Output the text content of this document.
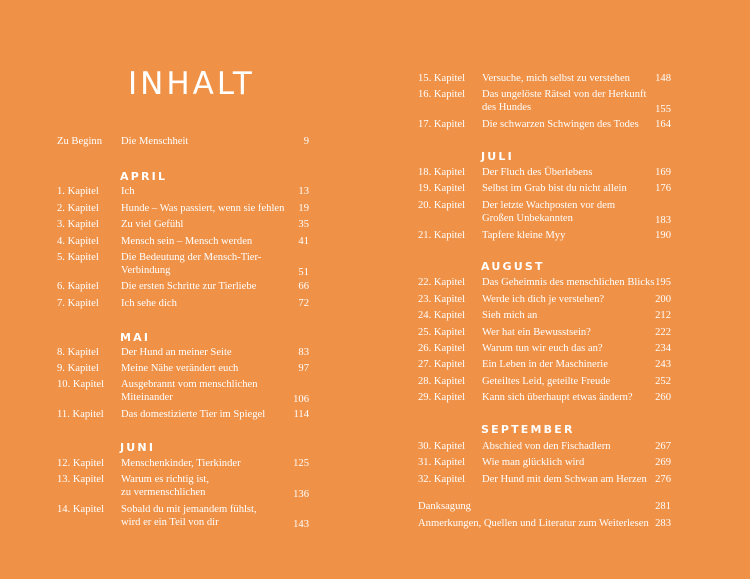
INHALT
Zu Beginn Die Menschheit	9
APRIL
1. Kapitel Ich	13
2. Kapitel Hunde – Was passiert, wenn sie fehlen 19
3. Kapitel Zu viel Gefühl	35
4. Kapitel Mensch sein – Mensch werden	41
5. Kapitel Die Bedeutung der Mensch-Tier-
Verbindung	51
6. Kapitel Die ersten Schritte zur Tierliebe	66
7. Kapitel Ich sehe dich	72
MAI
8. Kapitel Der Hund an meiner Seite	83
9. Kapitel Meine Nähe verändert euch	97
10. Kapitel Ausgebrannt vom menschlichen
Miteinander	106
11. Kapitel Das domestizierte Tier im Spiegel	114
JUNI
12. Kapitel Menschenkinder, Tierkinder	125
13. Kapitel Warum es richtig ist,
zu vermenschlichen	136
14. Kapitel Sobald du mit jemandem fühlst,
wird er ein Teil von dir	143
15. Kapitel Versuche, mich selbst zu verstehen 148
16. Kapitel Das ungelöste Rätsel von der Herkunft
des Hundes	155
17. Kapitel Die schwarzen Schwingen des Todes 164
JULI
18. Kapitel Der Fluch des Überlebens	169
19. Kapitel Selbst im Grab bist du nicht allein	176
20. Kapitel Der letzte Wachposten vor dem
Großen Unbekannten	183
21. Kapitel Tapfere kleine Myy	190
AUGUST
22. Kapitel Das Geheimnis des menschlichen Blicks 195
23. Kapitel Werde ich dich je verstehen?	200
24. Kapitel Sieh mich an	212
25. Kapitel Wer hat ein Bewusstsein?	222
26. Kapitel Warum tun wir euch das an?	234
27. Kapitel Ein Leben in der Maschinerie	243
28. Kapitel Geteiltes Leid, geteilte Freude	252
29. Kapitel Kann sich überhaupt etwas ändern? 260
SEPTEMBER
30. Kapitel Abschied von den Fischadlern	267
31. Kapitel Wie man glücklich wird	269
32. Kapitel Der Hund mit dem Schwan am Herzen 276
Danksagung	281
Anmerkungen, Quellen und Literatur zum Weiterlesen 283
